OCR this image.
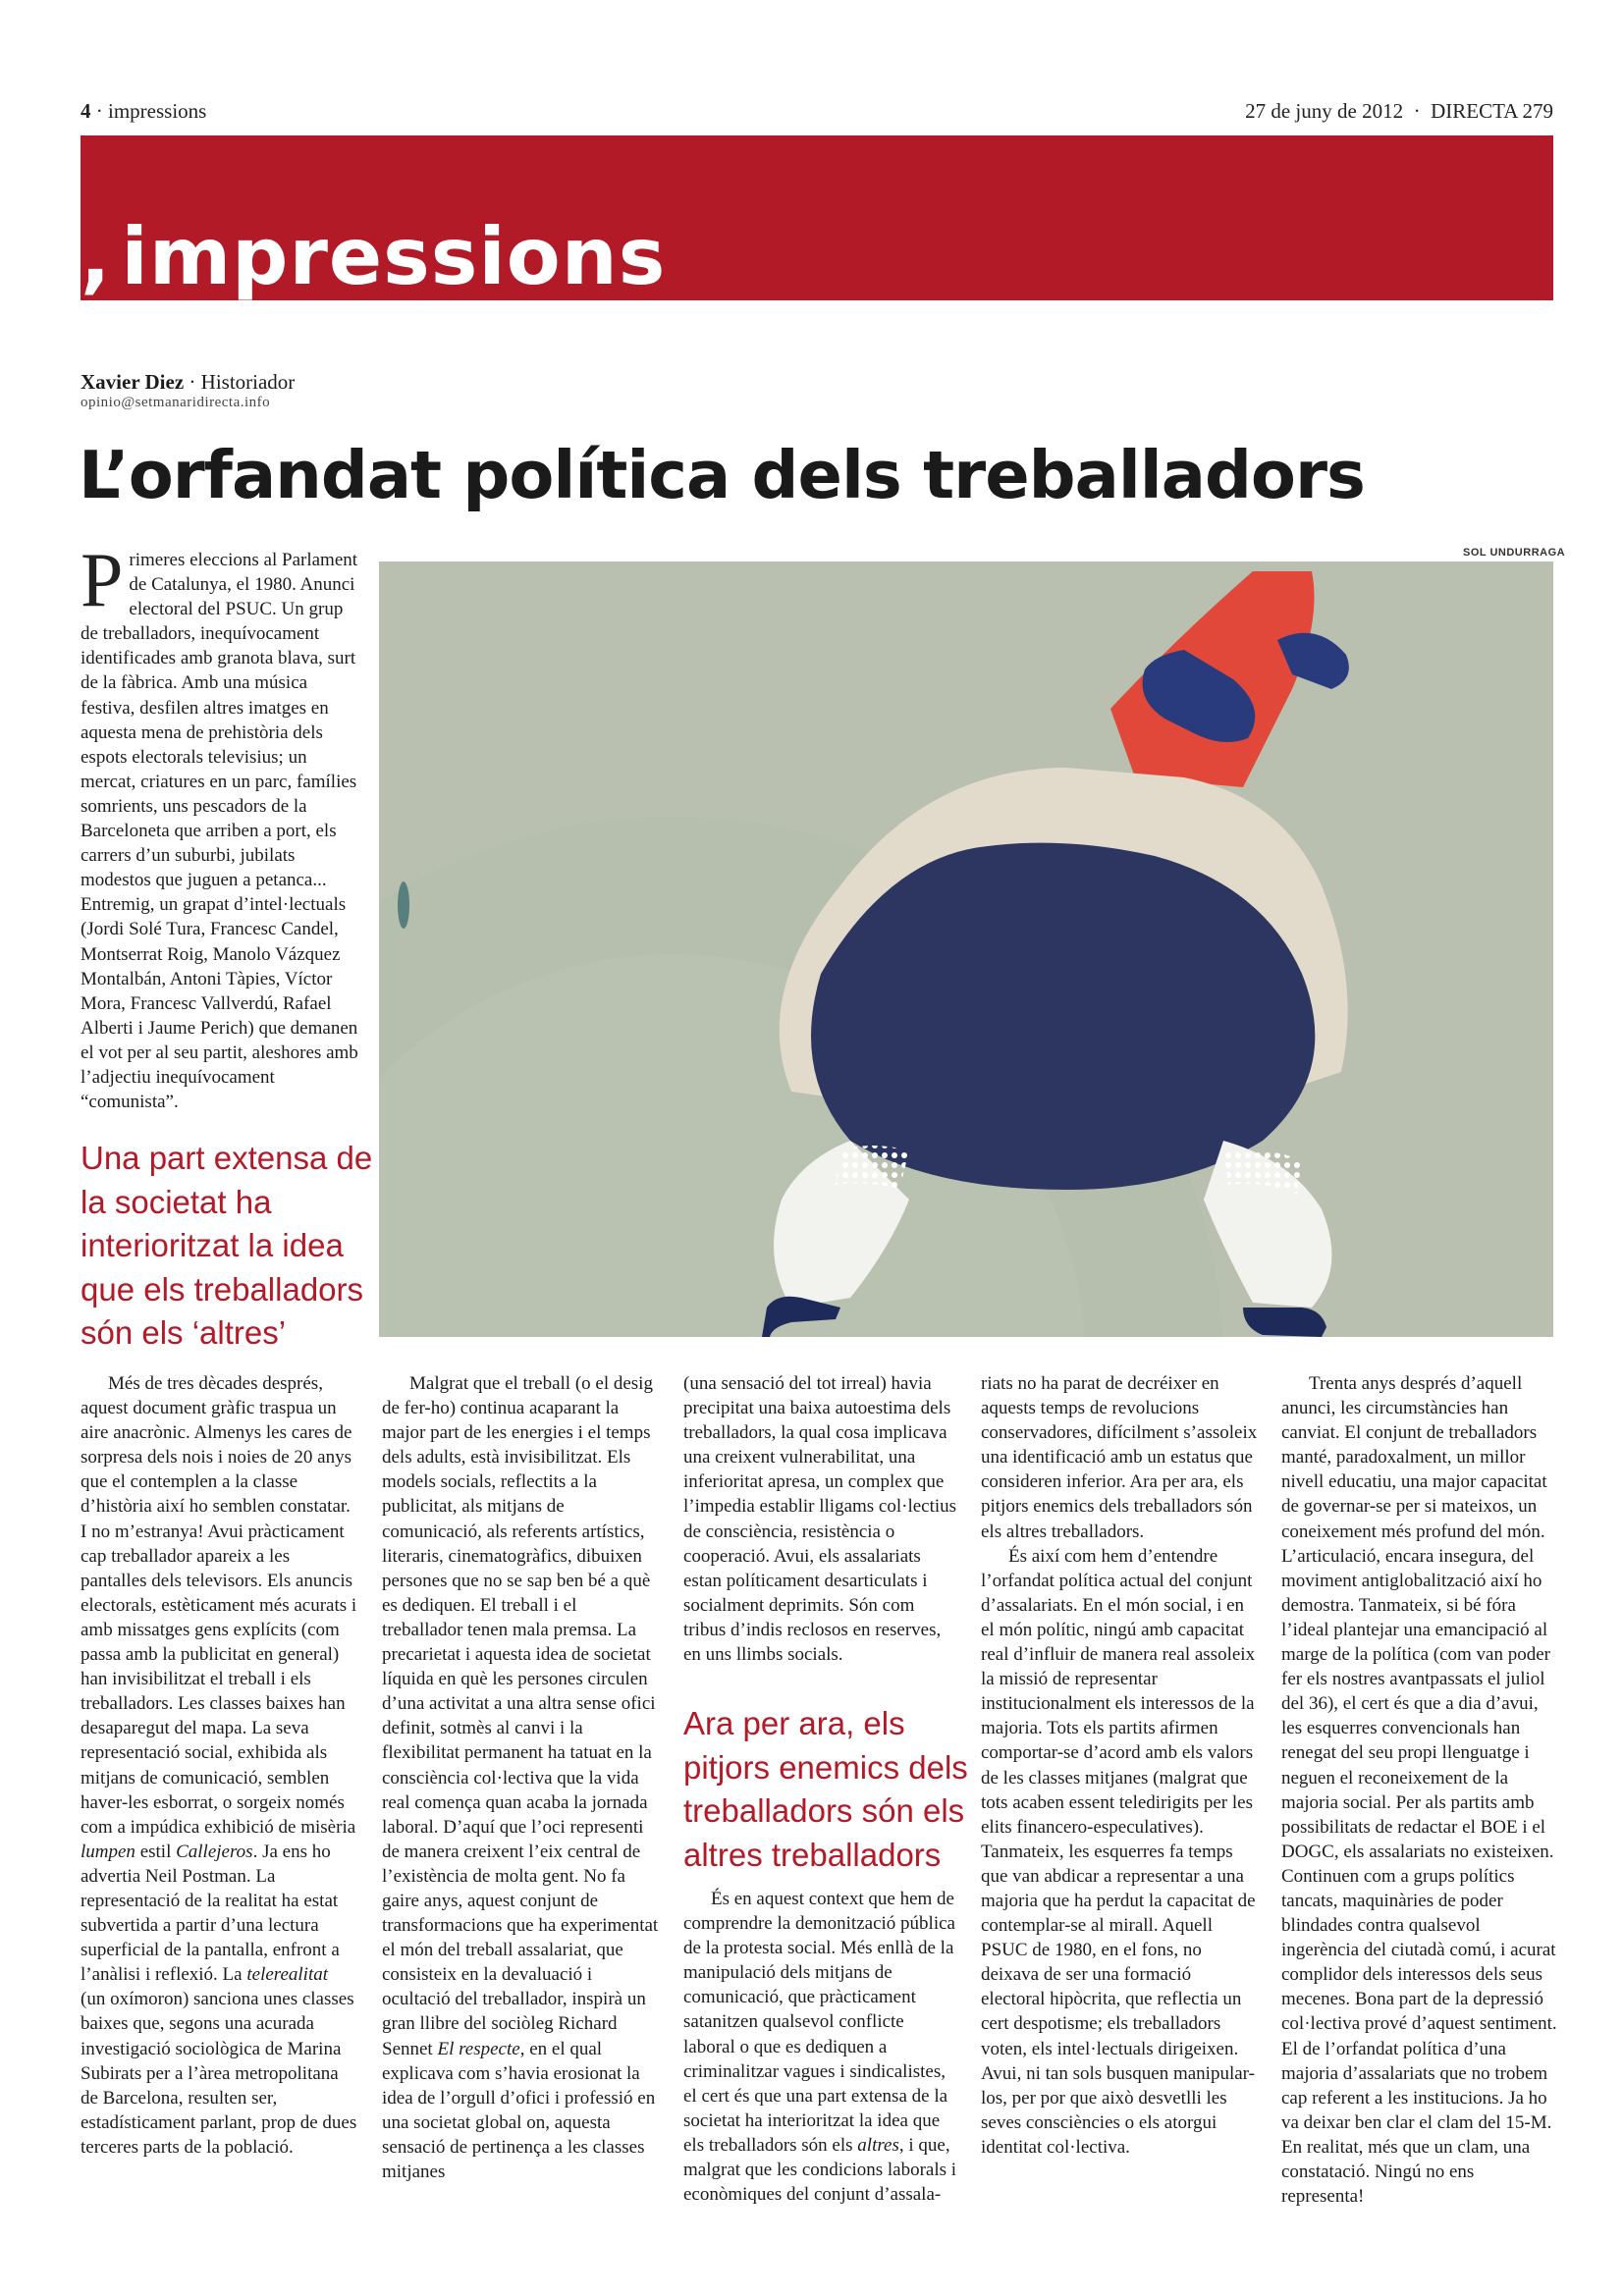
4 · impressions	27 de juny de 2012 · DIRECTA 279
, impressions
Xavier Diez · Historiador
opinio@setmanaridirecta.info
L’orfandat política dels treballadors
Primeres eleccions al Parlament de Catalunya, el 1980. Anunci electoral del PSUC. Un grup de treballadors, inequívocament identificades amb granota blava, surt de la fàbrica. Amb una música festiva, desfilen altres imatges en aquesta mena de prehistòria dels espots electorals televisius; un mercat, criatures en un parc, famílies somrients, uns pescadors de la Barceloneta que arriben a port, els carrers d’un suburbi, jubilats modestos que juguen a petanca... Entremig, un grapat d’intel·lectuals (Jordi Solé Tura, Francesc Candel, Montserrat Roig, Manolo Vázquez Montalbán, Antoni Tàpies, Víctor Mora, Francesc Vallverdú, Rafael Alberti i Jaume Perich) que demanen el vot per al seu partit, aleshores amb l’adjectiu inequívocament “comunista”.
Una part extensa de la societat ha interioritzat la idea que els treballadors són els ‘altres’
SOL UNDURRAGA

Més de tres dècades després, aquest document gràfic traspua un aire anacrònic. Almenys les cares de sorpresa dels nois i noies de 20 anys que el contemplen a la classe d’història així ho semblen constatar. I no m’estranya! Avui pràcticament cap treballador apareix a les pantalles dels televisors. Els anuncis electorals, estèticament més acurats i amb missatges gens explícits (com passa amb la publicitat en general) han invisibilitzat el treball i els treballadors. Les classes baixes han desaparegut del mapa. La seva representació social, exhibida als mitjans de comunicació, semblen haver-les esborrat, o sorgeix només com a impúdica exhibició de misèria lumpen estil Callejeros. Ja ens ho advertia Neil Postman. La representació de la realitat ha estat subvertida a partir d’una lectura superficial de la pantalla, enfront a l’anàlisi i reflexió. La telerealitat (un oxímoron) sanciona unes classes baixes que, segons una acurada investigació sociològica de Marina Subirats per a l’àrea metropolitana de Barcelona, resulten ser, estadísticament parlant, prop de dues terceres parts de la població.

Malgrat que el treball (o el desig de fer-ho) continua acaparant la major part de les energies i el temps dels adults, està invisibilitzat. Els models socials, reflectits a la publicitat, als mitjans de comunicació, als referents artístics, literaris, cinematogràfics, dibuixen persones que no se sap ben bé a què es dediquen. El treball i el treballador tenen mala premsa. La precarietat i aquesta idea de societat líquida en què les persones circulen d’una activitat a una altra sense ofici definit, sotmès al canvi i la flexibilitat permanent ha tatuat en la consciència col·lectiva que la vida real comença quan acaba la jornada laboral. D’aquí que l’oci representi de manera creixent l’eix central de l’existència de molta gent. No fa gaire anys, aquest conjunt de transformacions que ha experimentat el món del treball assalariat, que consisteix en la devaluació i ocultació del treballador, inspirà un gran llibre del sociòleg Richard Sennet El respecte, en el qual explicava com s’havia erosionat la idea de l’orgull d’ofici i professió en una societat global on, aquesta sensació de pertinença a les classes mitjanes

(una sensació del tot irreal) havia precipitat una baixa autoestima dels treballadors, la qual cosa implicava una creixent vulnerabilitat, una inferioritat apresa, un complex que l’impedia establir lligams col·lectius de consciència, resistència o cooperació. Avui, els assalariats estan políticament desarticulats i socialment deprimits. Són com tribus d’indis reclosos en reserves, en uns llimbs socials.

Ara per ara, els pitjors enemics dels treballadors són els altres treballadors

És en aquest context que hem de comprendre la demonització pública de la protesta social. Més enllà de la manipulació dels mitjans de comunicació, que pràcticament satanitzen qualsevol conflicte laboral o que es dediquen a criminalitzar vagues i sindicalistes, el cert és que una part extensa de la societat ha interioritzat la idea que els treballadors són els altres, i que, malgrat que les condicions laborals i econòmiques del conjunt d’assala-

riats no ha parat de decréixer en aquests temps de revolucions conservadores, difícilment s’assoleix una identificació amb un estatus que consideren inferior. Ara per ara, els pitjors enemics dels treballadors són els altres treballadors.

És així com hem d’entendre l’orfandat política actual del conjunt d’assalariats. En el món social, i en el món polític, ningú amb capacitat real d’influir de manera real assoleix la missió de representar institucionalment els interessos de la majoria. Tots els partits afirmen comportar-se d’acord amb els valors de les classes mitjanes (malgrat que tots acaben essent teledirigits per les elits financero-especulatives). Tanmateix, les esquerres fa temps que van abdicar a representar a una majoria que ha perdut la capacitat de contemplar-se al mirall. Aquell PSUC de 1980, en el fons, no deixava de ser una formació electoral hipòcrita, que reflectia un cert despotisme; els treballadors voten, els intel·lectuals dirigeixen. Avui, ni tan sols busquen manipular-los, per por que això desvetlli les seves consciències o els atorgui identitat col·lectiva.

Trenta anys després d’aquell anunci, les circumstàncies han canviat. El conjunt de treballadors manté, paradoxalment, un millor nivell educatiu, una major capacitat de governar-se per si mateixos, un coneixement més profund del món. L’articulació, encara insegura, del moviment antiglobalització així ho demostra. Tanmateix, si bé fóra l’ideal plantejar una emancipació al marge de la política (com van poder fer els nostres avantpassats el juliol del 36), el cert és que a dia d’avui, les esquerres convencionals han renegat del seu propi llenguatge i neguen el reconeixement de la majoria social. Per als partits amb possibilitats de redactar el BOE i el DOGC, els assalariats no existeixen. Continuen com a grups polítics tancats, maquinàries de poder blindades contra qualsevol ingerència del ciutadà comú, i acurat complidor dels interessos dels seus mecenes. Bona part de la depressió col·lectiva prové d’aquest sentiment. El de l’orfandat política d’una majoria d’assalariats que no trobem cap referent a les institucions. Ja ho va deixar ben clar el clam del 15-M. En realitat, més que un clam, una constatació. Ningú no ens representa!
